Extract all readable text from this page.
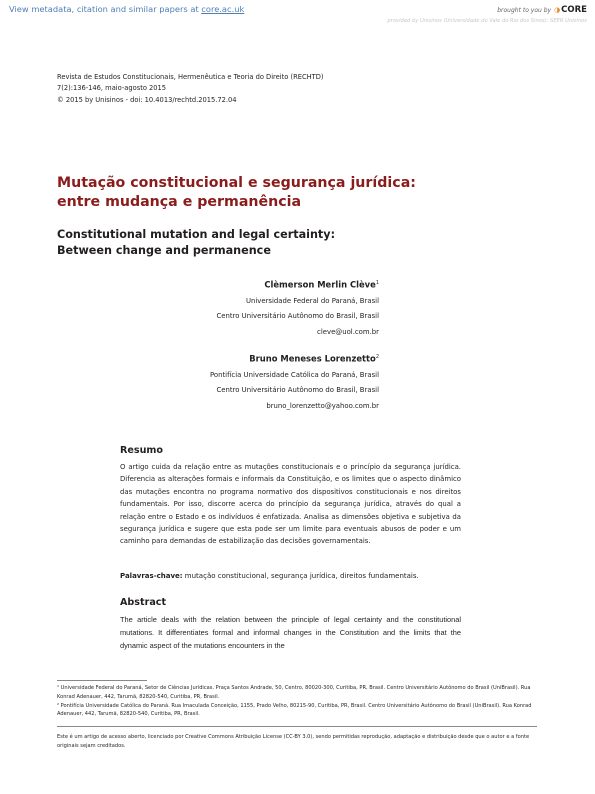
View metadata, citation and similar papers at core.ac.uk	brought to you by ◑ CORE
provided by Unisinos (Universidade do Vale do Rio dos Sinos): SEER Unisinos
Revista de Estudos Constitucionais, Hermenêutica e Teoria do Direito (RECHTD)
7(2):136-146, maio-agosto 2015
© 2015 by Unisinos - doi: 10.4013/rechtd.2015.72.04
Mutação constitucional e segurança jurídica:
entre mudança e permanência
Constitutional mutation and legal certainty:
Between change and permanence
Clèmerson Merlin Clève$^1$
Universidade Federal do Paraná, Brasil
Centro Universitário Autônomo do Brasil, Brasil
cleve@uol.com.br
Bruno Meneses Lorenzetto$^2$
Pontifícia Universidade Católica do Paraná, Brasil
Centro Universitário Autônomo do Brasil, Brasil
bruno_lorenzetto@yahoo.com.br
Resumo
O artigo cuida da relação entre as mutações constitucionais e o princípio da segurança jurídica. Diferencia as alterações formais e informais da Constituição, e os limites que o aspecto dinâmico das mutações encontra no programa normativo dos dispositivos constitucionais e nos direitos fundamentais. Por isso, discorre acerca do princípio da segurança jurídica, através do qual a relação entre o Estado e os indivíduos é enfatizada. Analisa as dimensões objetiva e subjetiva da segurança jurídica e sugere que esta pode ser um limite para eventuais abusos de poder e um caminho para demandas de estabilização das decisões governamentais.
Palavras-chave: mutação constitucional, segurança jurídica, direitos fundamentais.
Abstract
The article deals with the relation between the principle of legal certainty and the constitutional mutations. It differentiates formal and informal changes in the Constitution and the limits that the dynamic aspect of the mutations encounters in the
¹ Universidade Federal do Paraná, Setor de Ciências Jurídicas. Praça Santos Andrade, 50, Centro, 80020-300, Curitiba, PR, Brasil. Centro Universitário Autônomo do Brasil (UniBrasil). Rua Konrad Adenauer, 442, Tarumã, 82820-540, Curitiba, PR, Brasil.
² Pontifícia Universidade Católica do Paraná. Rua Imaculada Conceição, 1155, Prado Velho, 80215-90, Curitiba, PR, Brasil. Centro Universitário Autônomo do Brasil (UniBrasil). Rua Konrad Adenauer, 442, Tarumã, 82820-540, Curitiba, PR, Brasil.
Este é um artigo de acesso aberto, licenciado por Creative Commons Atribuição License (CC-BY 3.0), sendo permitidas reprodução, adaptação e distribuição desde que o autor e a fonte originais sejam creditados.
